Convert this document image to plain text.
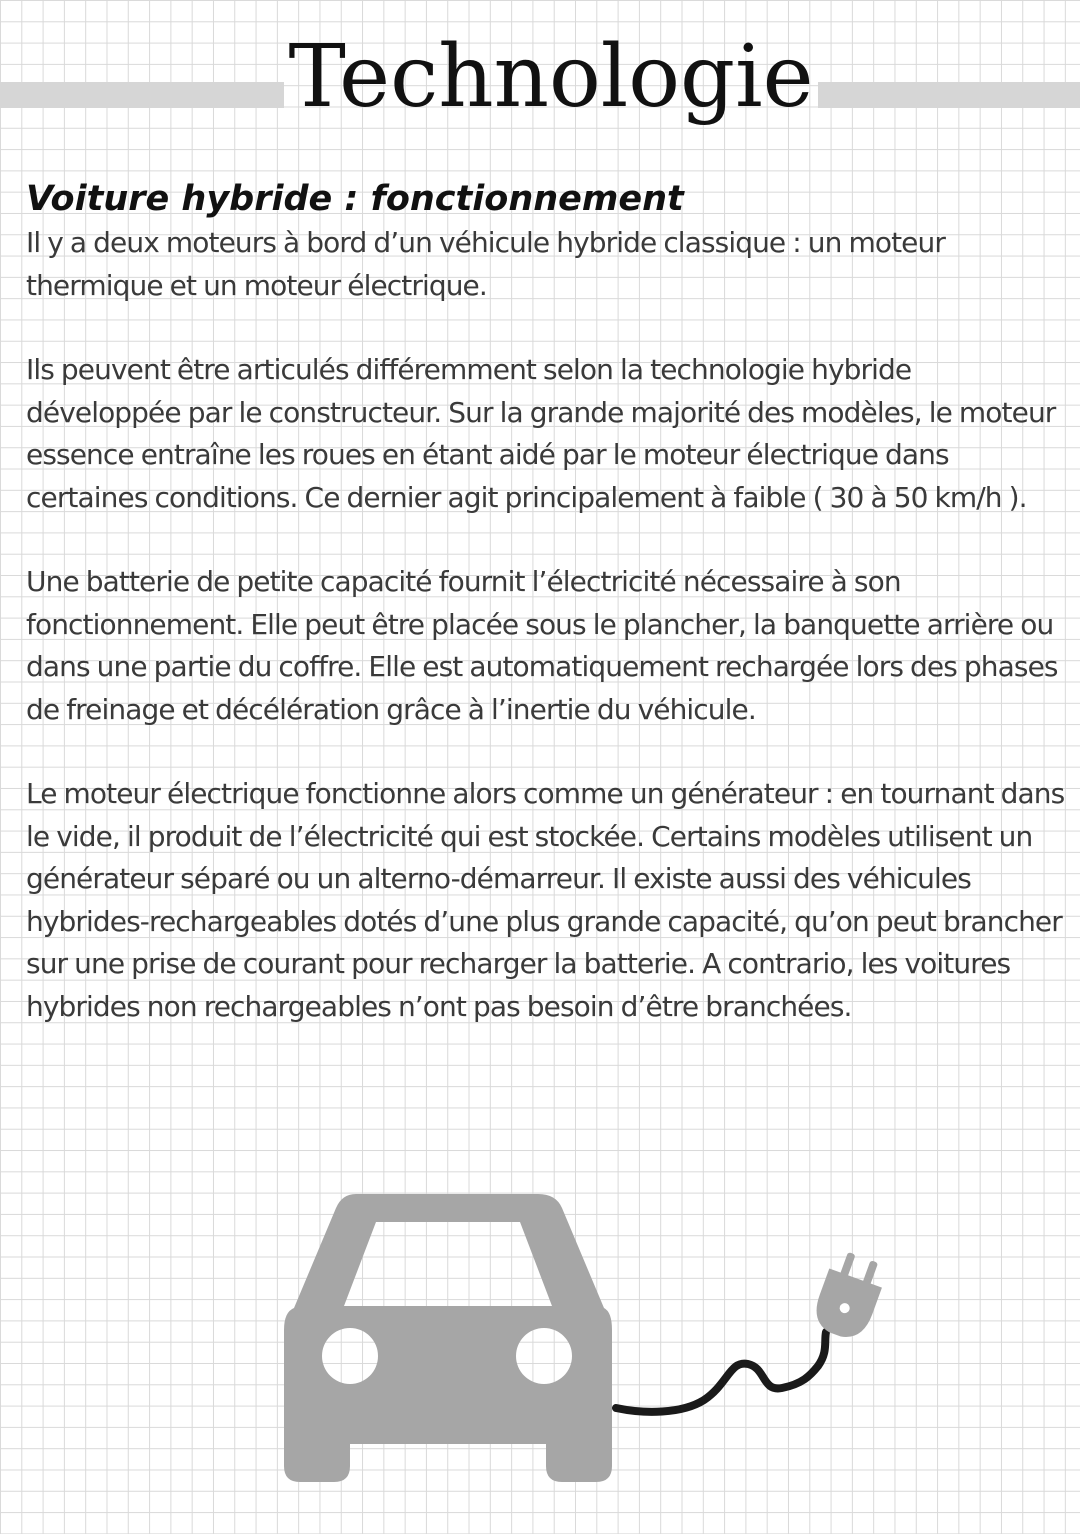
Technologie
Voiture hybride : fonctionnement

Il y a deux moteurs à bord d’un véhicule hybride classique : un moteur thermique et un moteur électrique.

Ils peuvent être articulés différemment selon la technologie hybride développée par le constructeur. Sur la grande majorité des modèles, le moteur essence entraîne les roues en étant aidé par le moteur électrique dans certaines conditions. Ce dernier agit principalement à faible ( 30 à 50 km/h ).

Une batterie de petite capacité fournit l’électricité nécessaire à son fonctionnement. Elle peut être placée sous le plancher, la banquette arrière ou dans une partie du coffre. Elle est automatiquement rechargée lors des phases de freinage et décélération grâce à l’inertie du véhicule.

Le moteur électrique fonctionne alors comme un générateur : en tournant dans le vide, il produit de l’électricité qui est stockée. Certains modèles utilisent un générateur séparé ou un alterno-démarreur. Il existe aussi des véhicules hybrides-rechargeables dotés d’une plus grande capacité, qu’on peut brancher sur une prise de courant pour recharger la batterie. A contrario, les voitures hybrides non rechargeables n’ont pas besoin d’être branchées.
